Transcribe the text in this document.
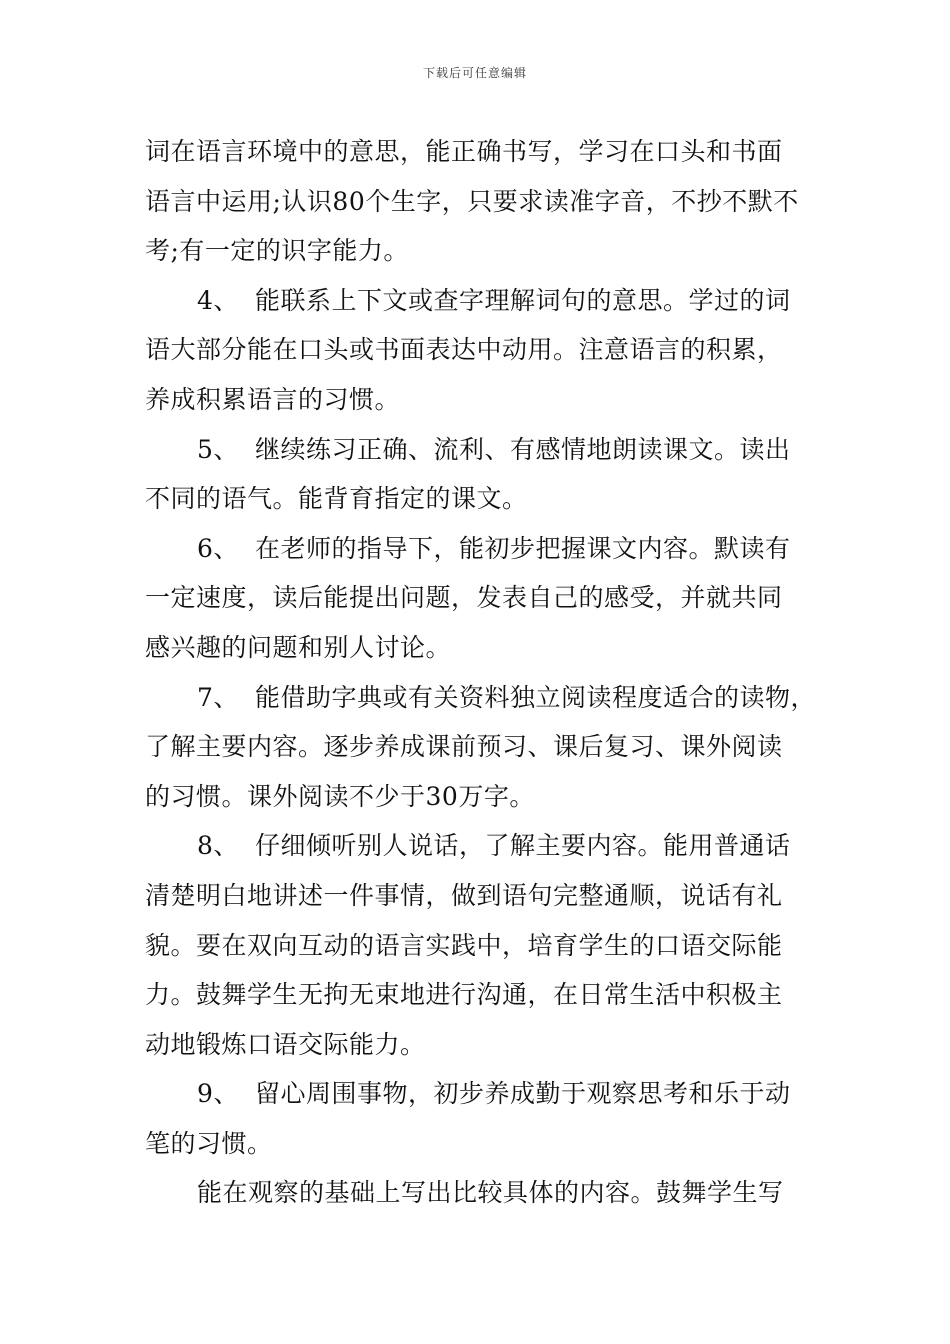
下载后可任意编辑
词在语言环境中的意思，能正确书写，学习在口头和书面
语言中运用;认识80个生字，只要求读准字音，不抄不默不
考;有一定的识字能力。
4、 能联系上下文或查字理解词句的意思。学过的词
语大部分能在口头或书面表达中动用。注意语言的积累，
养成积累语言的习惯。
5、 继续练习正确、流利、有感情地朗读课文。读出
不同的语气。能背育指定的课文。
6、 在老师的指导下，能初步把握课文内容。默读有
一定速度，读后能提出问题，发表自己的感受，并就共同
感兴趣的问题和别人讨论。
7、 能借助字典或有关资料独立阅读程度适合的读物，
了解主要内容。逐步养成课前预习、课后复习、课外阅读
的习惯。课外阅读不少于30万字。
8、 仔细倾听别人说话，了解主要内容。能用普通话
清楚明白地讲述一件事情，做到语句完整通顺，说话有礼
貌。要在双向互动的语言实践中，培育学生的口语交际能
力。鼓舞学生无拘无束地进行沟通，在日常生活中积极主
动地锻炼口语交际能力。
9、 留心周围事物，初步养成勤于观察思考和乐于动
笔的习惯。
能在观察的基础上写出比较具体的内容。鼓舞学生写
